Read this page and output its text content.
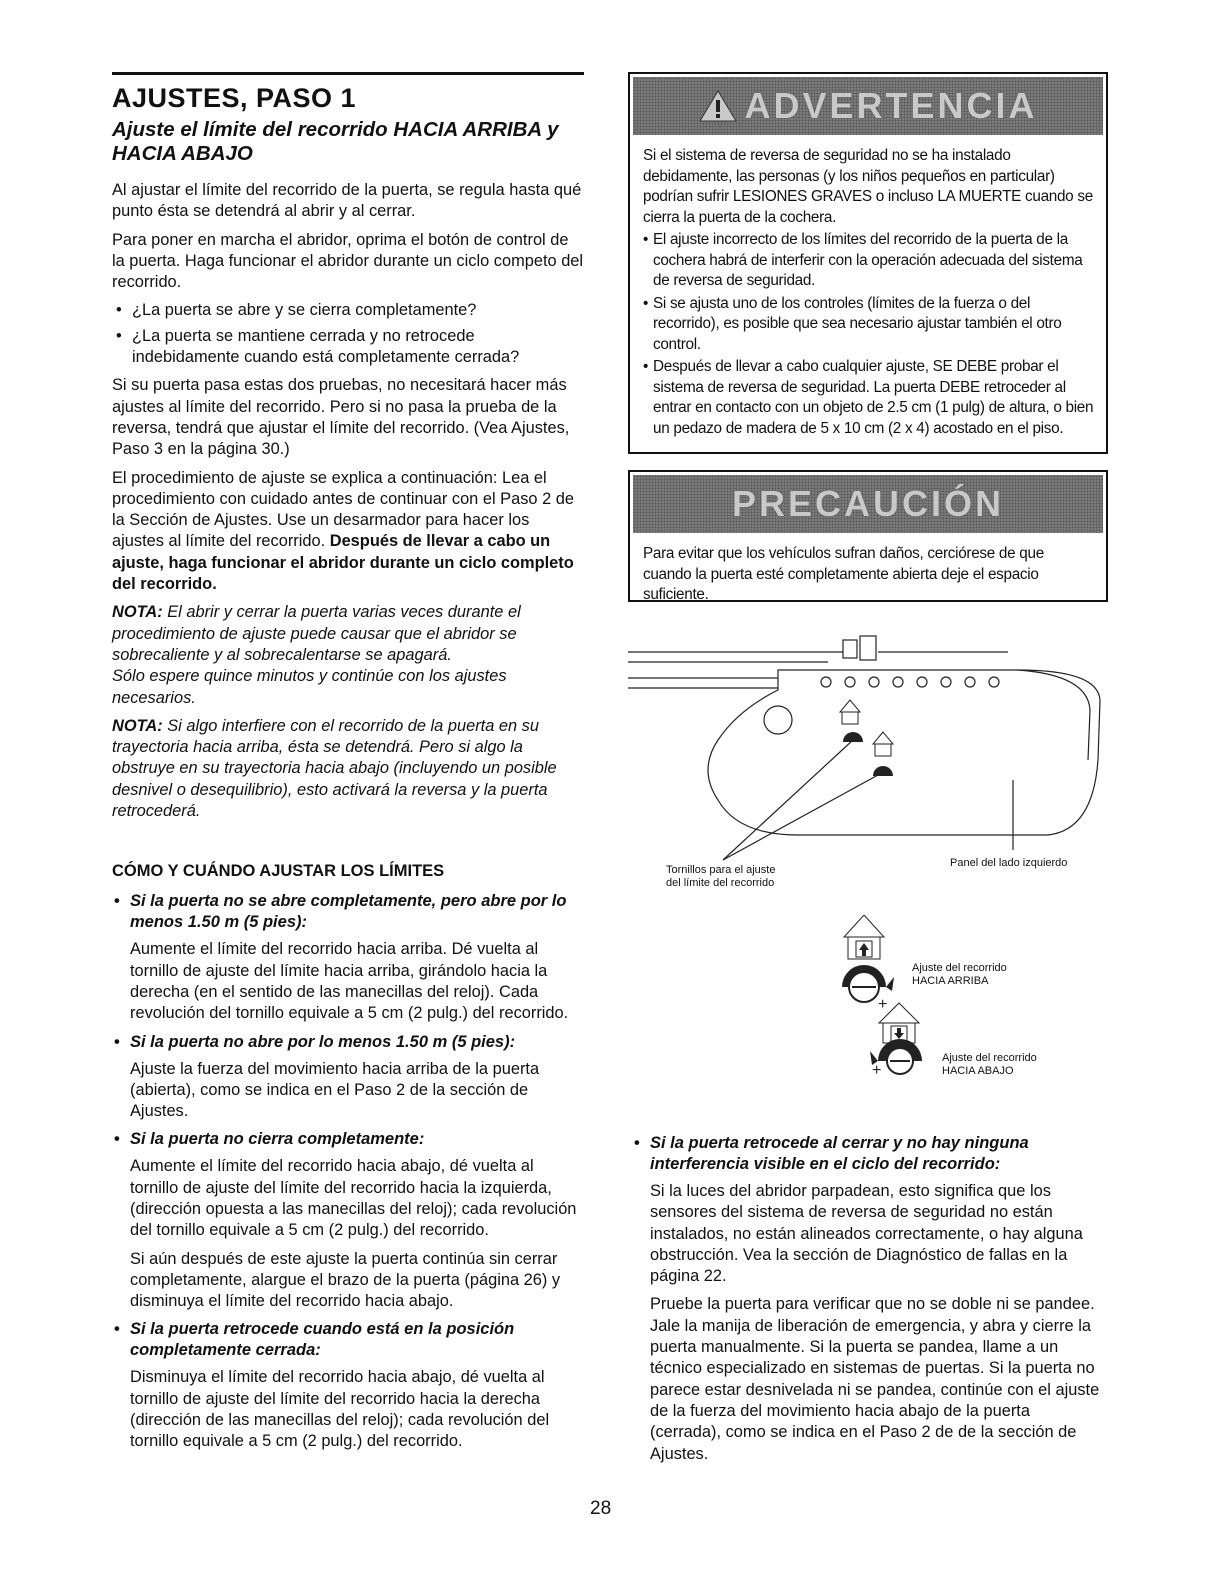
AJUSTES, PASO 1
Ajuste el límite del recorrido HACIA ARRIBA y HACIA ABAJO

Al ajustar el límite del recorrido de la puerta, se regula hasta qué punto ésta se detendrá al abrir y al cerrar.

Para poner en marcha el abridor, oprima el botón de control de la puerta. Haga funcionar el abridor durante un ciclo competo del recorrido.

• ¿La puerta se abre y se cierra completamente?
• ¿La puerta se mantiene cerrada y no retrocede indebidamente cuando está completamente cerrada?

Si su puerta pasa estas dos pruebas, no necesitará hacer más ajustes al límite del recorrido. Pero si no pasa la prueba de la reversa, tendrá que ajustar el límite del recorrido. (Vea Ajustes, Paso 3 en la página 30.)

El procedimiento de ajuste se explica a continuación: Lea el procedimiento con cuidado antes de continuar con el Paso 2 de la Sección de Ajustes. Use un desarmador para hacer los ajustes al límite del recorrido. Después de llevar a cabo un ajuste, haga funcionar el abridor durante un ciclo completo del recorrido.

NOTA: El abrir y cerrar la puerta varias veces durante el procedimiento de ajuste puede causar que el abridor se sobrecaliente y al sobrecalentarse se apagará.

Sólo espere quince minutos y continúe con los ajustes necesarios.

NOTA: Si algo interfiere con el recorrido de la puerta en su trayectoria hacia arriba, ésta se detendrá. Pero si algo la obstruye en su trayectoria hacia abajo (incluyendo un posible desnivel o desequilibrio), esto activará la reversa y la puerta retrocederá.

CÓMO Y CUÁNDO AJUSTAR LOS LÍMITES
• Si la puerta no se abre completamente, pero abre por lo menos 1.50 m (5 pies):

Aumente el límite del recorrido hacia arriba. Dé vuelta al tornillo de ajuste del límite hacia arriba, girándolo hacia la derecha (en el sentido de las manecillas del reloj). Cada revolución del tornillo equivale a 5 cm (2 pulg.) del recorrido.

• Si la puerta no abre por lo menos 1.50 m (5 pies):

Ajuste la fuerza del movimiento hacia arriba de la puerta (abierta), como se indica en el Paso 2 de la sección de Ajustes.

• Si la puerta no cierra completamente:

Aumente el límite del recorrido hacia abajo, dé vuelta al tornillo de ajuste del límite del recorrido hacia la izquierda, (dirección opuesta a las manecillas del reloj); cada revolución del tornillo equivale a 5 cm (2 pulg.) del recorrido.

Si aún después de este ajuste la puerta continúa sin cerrar completamente, alargue el brazo de la puerta (página 26) y disminuya el límite del recorrido hacia abajo.

• Si la puerta retrocede cuando está en la posición completamente cerrada:

Disminuya el límite del recorrido hacia abajo, dé vuelta al tornillo de ajuste del límite del recorrido hacia la derecha (dirección de las manecillas del reloj); cada revolución del tornillo equivale a 5 cm (2 pulg.) del recorrido.

ADVERTENCIA

Si el sistema de reversa de seguridad no se ha instalado debidamente, las personas (y los niños pequeños en particular) podrían sufrir LESIONES GRAVES o incluso LA MUERTE cuando se cierra la puerta de la cochera.

• El ajuste incorrecto de los límites del recorrido de la puerta de la cochera habrá de interferir con la operación adecuada del sistema de reversa de seguridad.
• Si se ajusta uno de los controles (límites de la fuerza o del recorrido), es posible que sea necesario ajustar también el otro control.
• Después de llevar a cabo cualquier ajuste, SE DEBE probar el sistema de reversa de seguridad. La puerta DEBE retroceder al entrar en contacto con un objeto de 2.5 cm (1 pulg) de altura, o bien un pedazo de madera de 5 x 10 cm (2 x 4) acostado en el piso.
PRECAUCIÓN

Para evitar que los vehículos sufran daños, cerciórese de que cuando la puerta esté completamente abierta deje el espacio suficiente.

Tornillos para el ajuste
del límite del recorrido
Panel del lado izquierdo
+
+
Ajuste del recorrido
HACIA ARRIBA
Ajuste del recorrido
HACIA ABAJO
• Si la puerta retrocede al cerrar y no hay ninguna interferencia visible en el ciclo del recorrido:

Si la luces del abridor parpadean, esto significa que los sensores del sistema de reversa de seguridad no están instalados, no están alineados correctamente, o hay alguna obstrucción. Vea la sección de Diagnóstico de fallas en la página 22.

Pruebe la puerta para verificar que no se doble ni se pandee. Jale la manija de liberación de emergencia, y abra y cierre la puerta manualmente. Si la puerta se pandea, llame a un técnico especializado en sistemas de puertas. Si la puerta no parece estar desnivelada ni se pandea, continúe con el ajuste de la fuerza del movimiento hacia abajo de la puerta (cerrada), como se indica en el Paso 2 de de la sección de Ajustes.

28
